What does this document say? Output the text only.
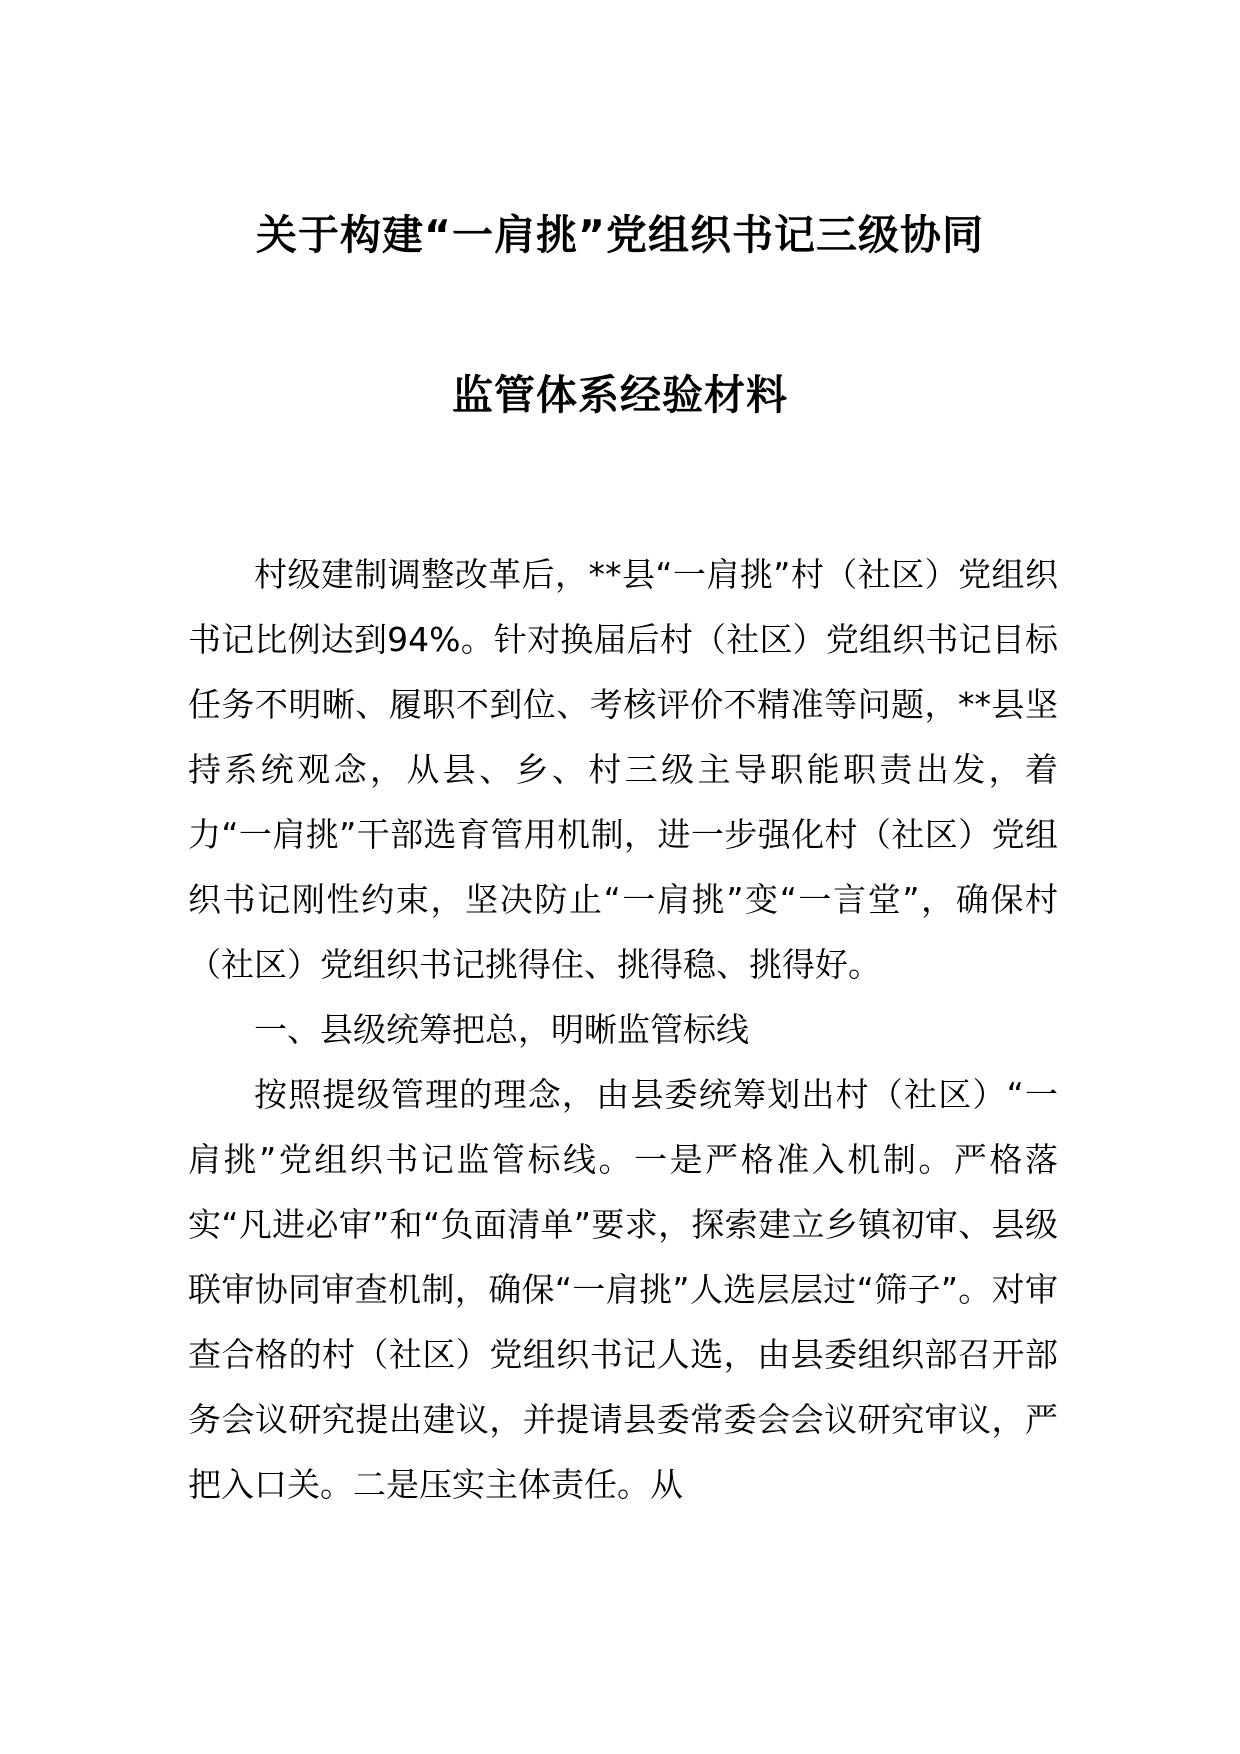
关于构建“一肩挑”党组织书记三级协同
监管体系经验材料

村级建制调整改革后，**县“一肩挑”村（社区）党组织书记比例达到94%。针对换届后村（社区）党组织书记目标任务不明晰、履职不到位、考核评价不精准等问题，**县坚持系统观念，从县、乡、村三级主导职能职责出发，着力“一肩挑”干部选育管用机制，进一步强化村（社区）党组织书记刚性约束，坚决防止“一肩挑”变“一言堂”，确保村（社区）党组织书记挑得住、挑得稳、挑得好。

一、县级统筹把总，明晰监管标线

按照提级管理的理念，由县委统筹划出村（社区）“一肩挑”党组织书记监管标线。一是严格准入机制。严格落实“凡进必审”和“负面清单”要求，探索建立乡镇初审、县级联审协同审查机制，确保“一肩挑”人选层层过“筛子”。对审查合格的村（社区）党组织书记人选，由县委组织部召开部务会议研究提出建议，并提请县委常委会会议研究审议，严把入口关。二是压实主体责任。从
